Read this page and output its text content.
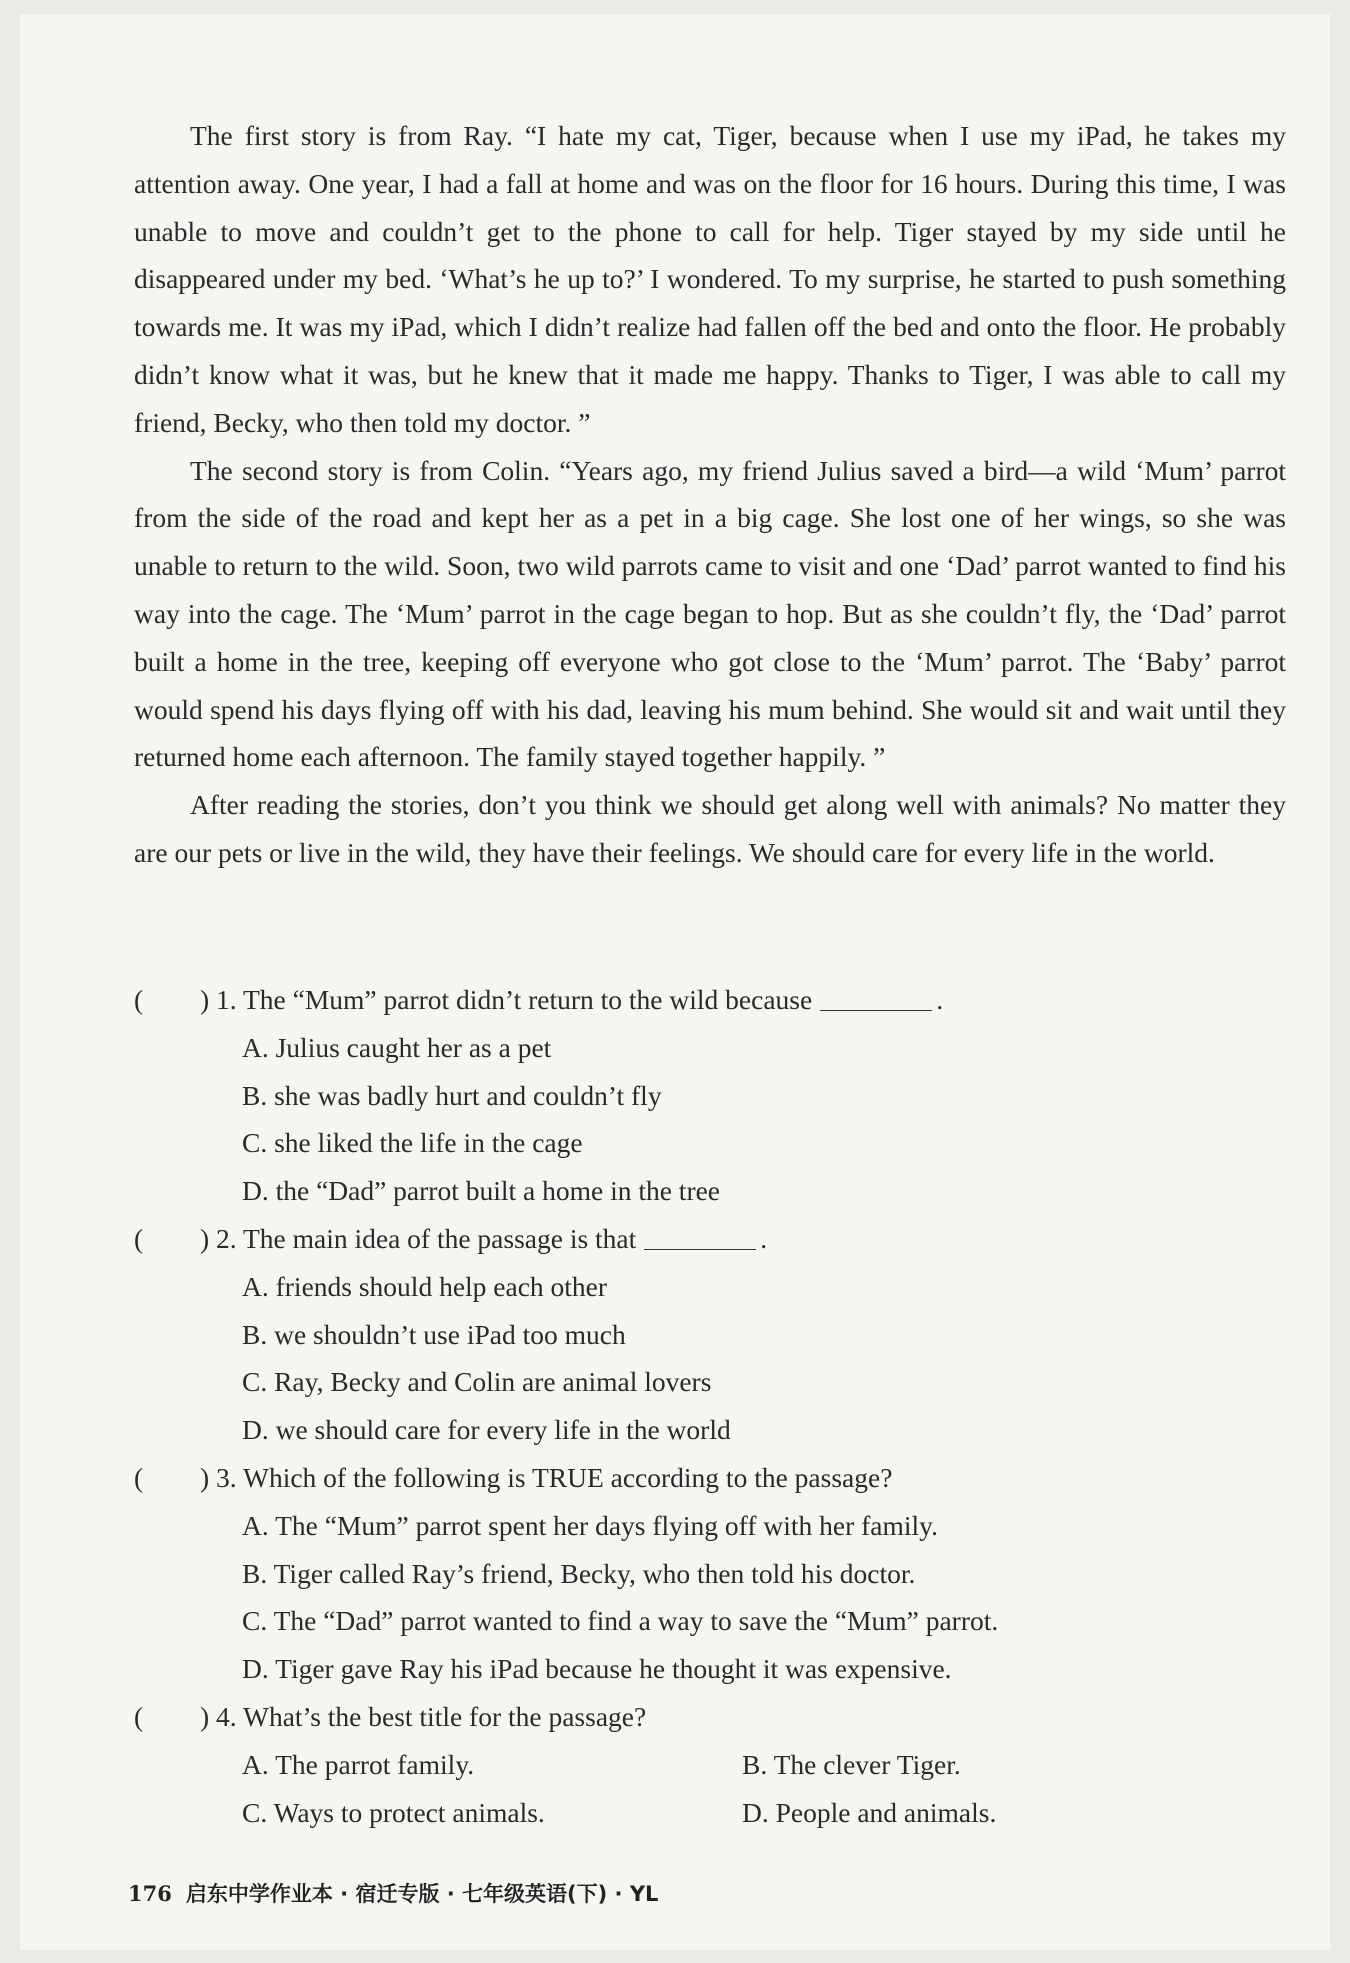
The first story is from Ray. “I hate my cat, Tiger, because when I use my iPad, he takes my attention away. One year, I had a fall at home and was on the floor for 16 hours. During this time, I was unable to move and couldn’t get to the phone to call for help. Tiger stayed by my side until he disappeared under my bed. ‘What’s he up to?’ I wondered. To my surprise, he started to push something towards me. It was my iPad, which I didn’t realize had fallen off the bed and onto the floor. He probably didn’t know what it was, but he knew that it made me happy. Thanks to Tiger, I was able to call my friend, Becky, who then told my doctor. ”

The second story is from Colin. “Years ago, my friend Julius saved a bird—a wild ‘Mum’ parrot from the side of the road and kept her as a pet in a big cage. She lost one of her wings, so she was unable to return to the wild. Soon, two wild parrots came to visit and one ‘Dad’ parrot wanted to find his way into the cage. The ‘Mum’ parrot in the cage began to hop. But as she couldn’t fly, the ‘Dad’ parrot built a home in the tree, keeping off everyone who got close to the ‘Mum’ parrot. The ‘Baby’ parrot would spend his days flying off with his dad, leaving his mum behind. She would sit and wait until they returned home each afternoon. The family stayed together happily. ”

After reading the stories, don’t you think we should get along well with animals? No matter they are our pets or live in the wild, they have their feelings. We should care for every life in the world.

( ) 1. The “Mum” parrot didn’t return to the wild because	.
A. Julius caught her as a pet
B. she was badly hurt and couldn’t fly
C. she liked the life in the cage
D. the “Dad” parrot built a home in the tree
( ) 2. The main idea of the passage is that	.
A. friends should help each other
B. we shouldn’t use iPad too much
C. Ray, Becky and Colin are animal lovers
D. we should care for every life in the world
( ) 3. Which of the following is TRUE according to the passage?
A. The “Mum” parrot spent her days flying off with her family.
B. Tiger called Ray’s friend, Becky, who then told his doctor.
C. The “Dad” parrot wanted to find a way to save the “Mum” parrot.
D. Tiger gave Ray his iPad because he thought it was expensive.
( ) 4. What’s the best title for the passage?
A. The parrot family.	B. The clever Tiger.
C. Ways to protect animals.	D. People and animals.
176 启东中学作业本 · 宿迁专版 · 七年级英语(下) · YL
